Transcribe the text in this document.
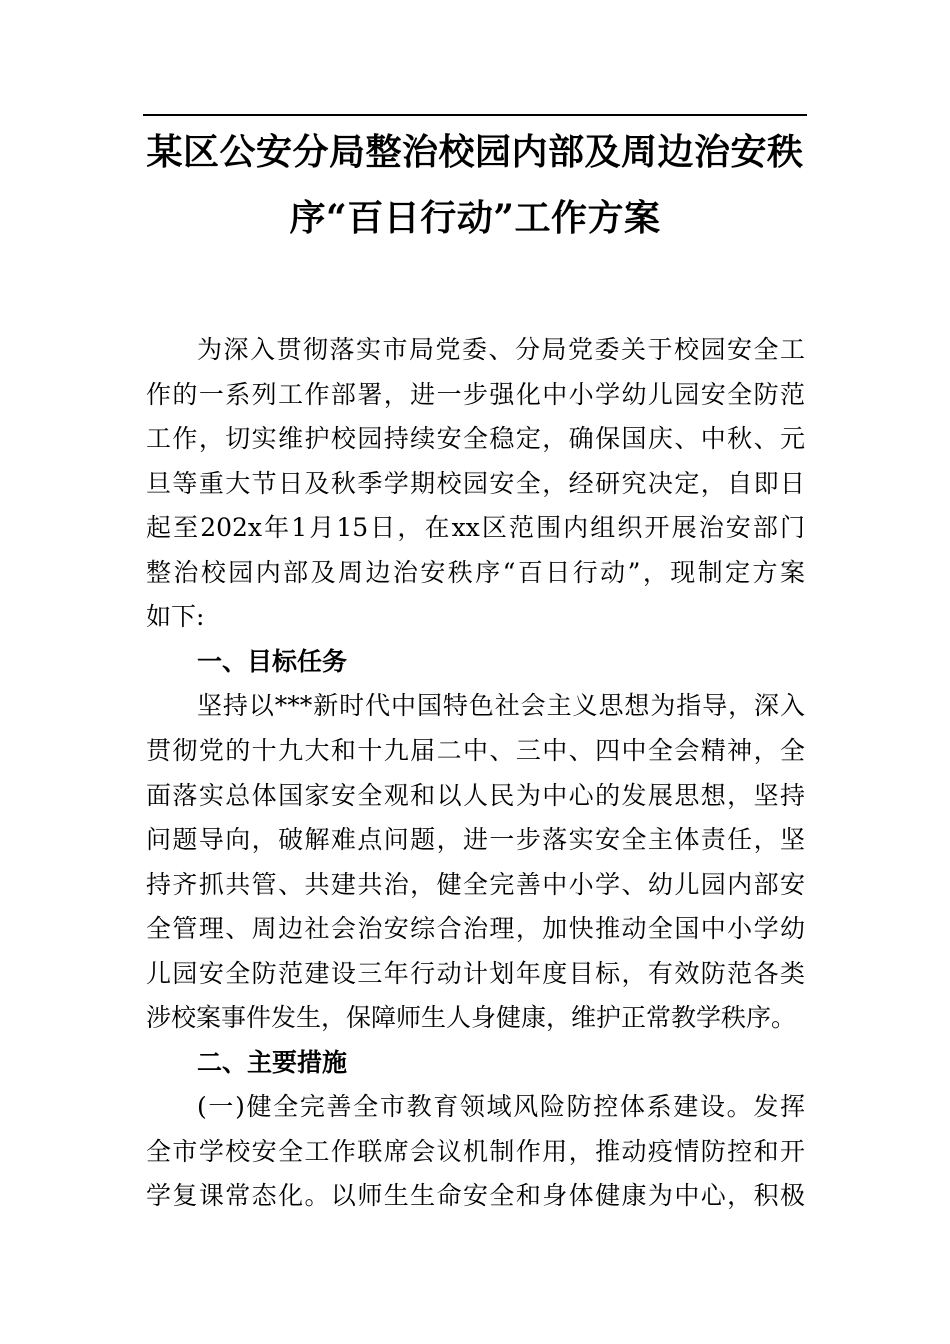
某区公安分局整治校园内部及周边治安秩
序“百日行动”工作方案
为深入贯彻落实市局党委、分局党委关于校园安全工
作的一系列工作部署，进一步强化中小学幼儿园安全防范
工作，切实维护校园持续安全稳定，确保国庆、中秋、元
旦等重大节日及秋季学期校园安全，经研究决定，自即日
起至202x年1月15日，在xx区范围内组织开展治安部门
整治校园内部及周边治安秩序“百日行动”，现制定方案
如下:
一、目标任务
坚持以***新时代中国特色社会主义思想为指导，深入
贯彻党的十九大和十九届二中、三中、四中全会精神，全
面落实总体国家安全观和以人民为中心的发展思想，坚持
问题导向，破解难点问题，进一步落实安全主体责任，坚
持齐抓共管、共建共治，健全完善中小学、幼儿园内部安
全管理、周边社会治安综合治理，加快推动全国中小学幼
儿园安全防范建设三年行动计划年度目标，有效防范各类
涉校案事件发生，保障师生人身健康，维护正常教学秩序。
二、主要措施
(一)健全完善全市教育领域风险防控体系建设。发挥
全市学校安全工作联席会议机制作用，推动疫情防控和开
学复课常态化。以师生生命安全和身体健康为中心，积极
